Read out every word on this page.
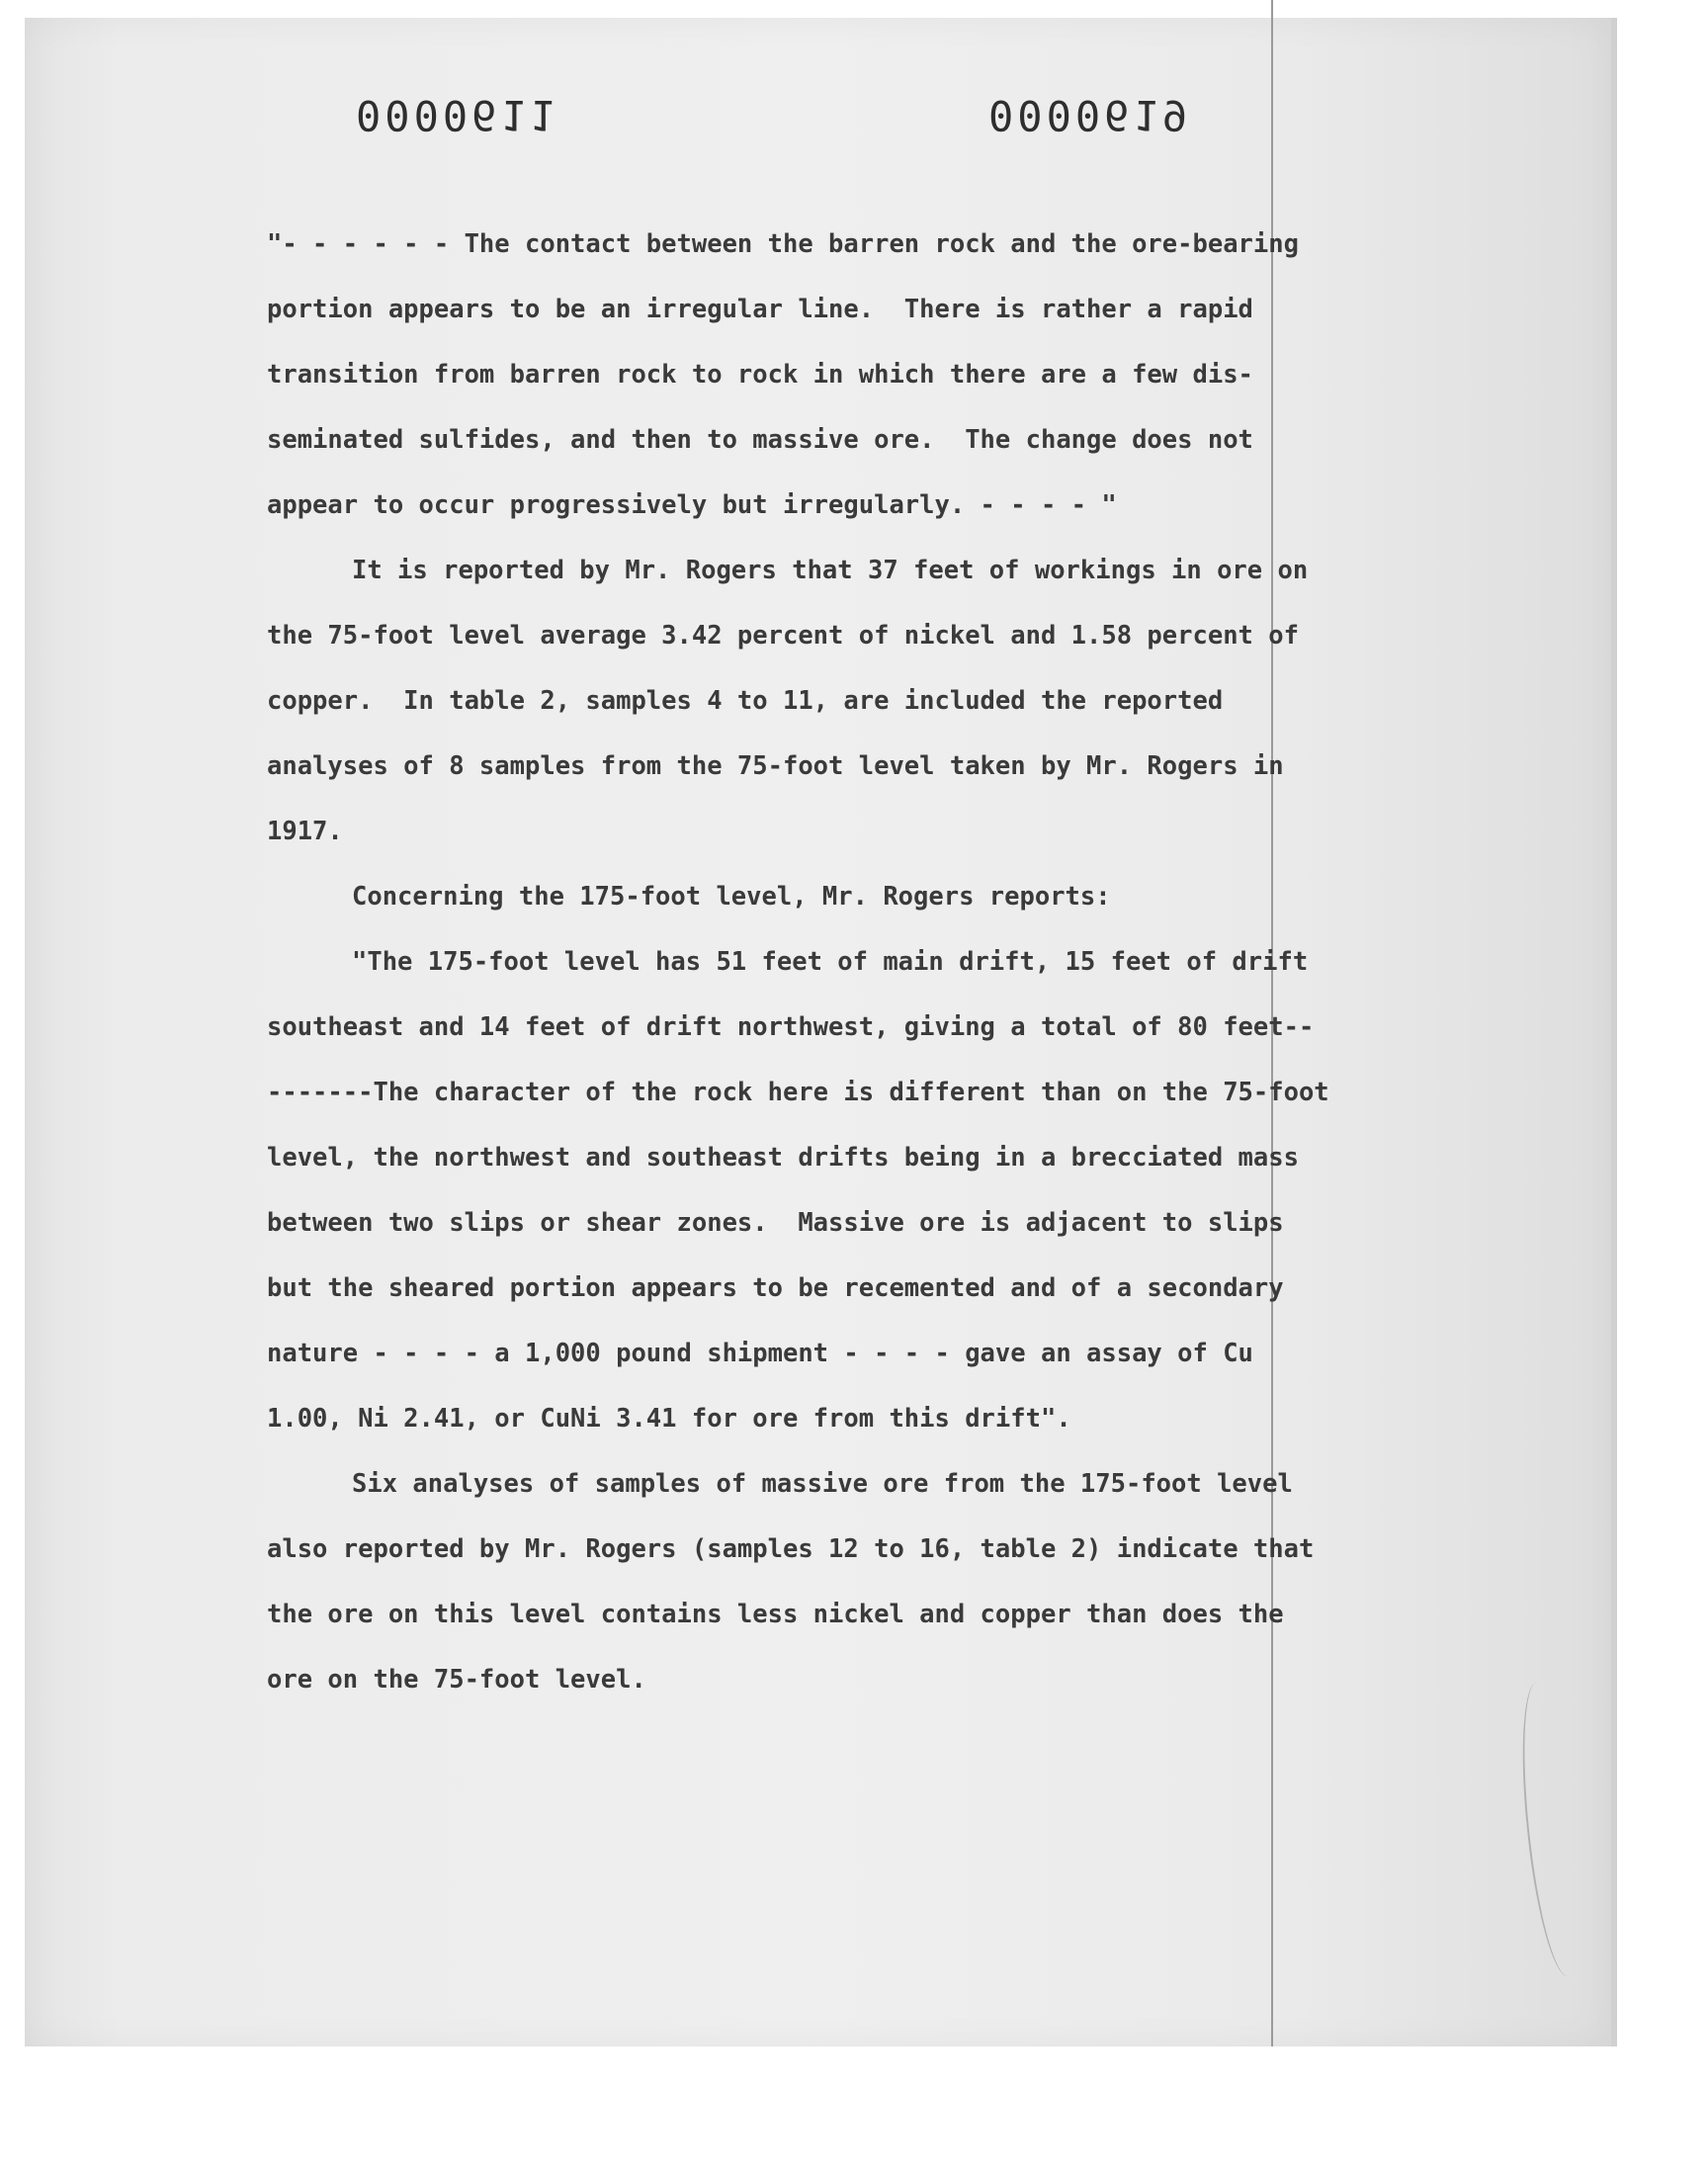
0000611	0000619
"- - - - - - The contact between the barren rock and the ore-bearing
portion appears to be an irregular line.  There is rather a rapid
transition from barren rock to rock in which there are a few dis-
seminated sulfides, and then to massive ore.  The change does not
appear to occur progressively but irregularly. - - - - "
It is reported by Mr. Rogers that 37 feet of workings in ore on
the 75-foot level average 3.42 percent of nickel and 1.58 percent of
copper.  In table 2, samples 4 to 11, are included the reported
analyses of 8 samples from the 75-foot level taken by Mr. Rogers in
1917.
Concerning the 175-foot level, Mr. Rogers reports:
"The 175-foot level has 51 feet of main drift, 15 feet of drift
southeast and 14 feet of drift northwest, giving a total of 80 feet--
-------The character of the rock here is different than on the 75-foot
level, the northwest and southeast drifts being in a brecciated mass
between two slips or shear zones.  Massive ore is adjacent to slips
but the sheared portion appears to be recemented and of a secondary
nature - - - - a 1,000 pound shipment - - - - gave an assay of Cu
1.00, Ni 2.41, or CuNi 3.41 for ore from this drift".
Six analyses of samples of massive ore from the 175-foot level
also reported by Mr. Rogers (samples 12 to 16, table 2) indicate that
the ore on this level contains less nickel and copper than does the
ore on the 75-foot level.
